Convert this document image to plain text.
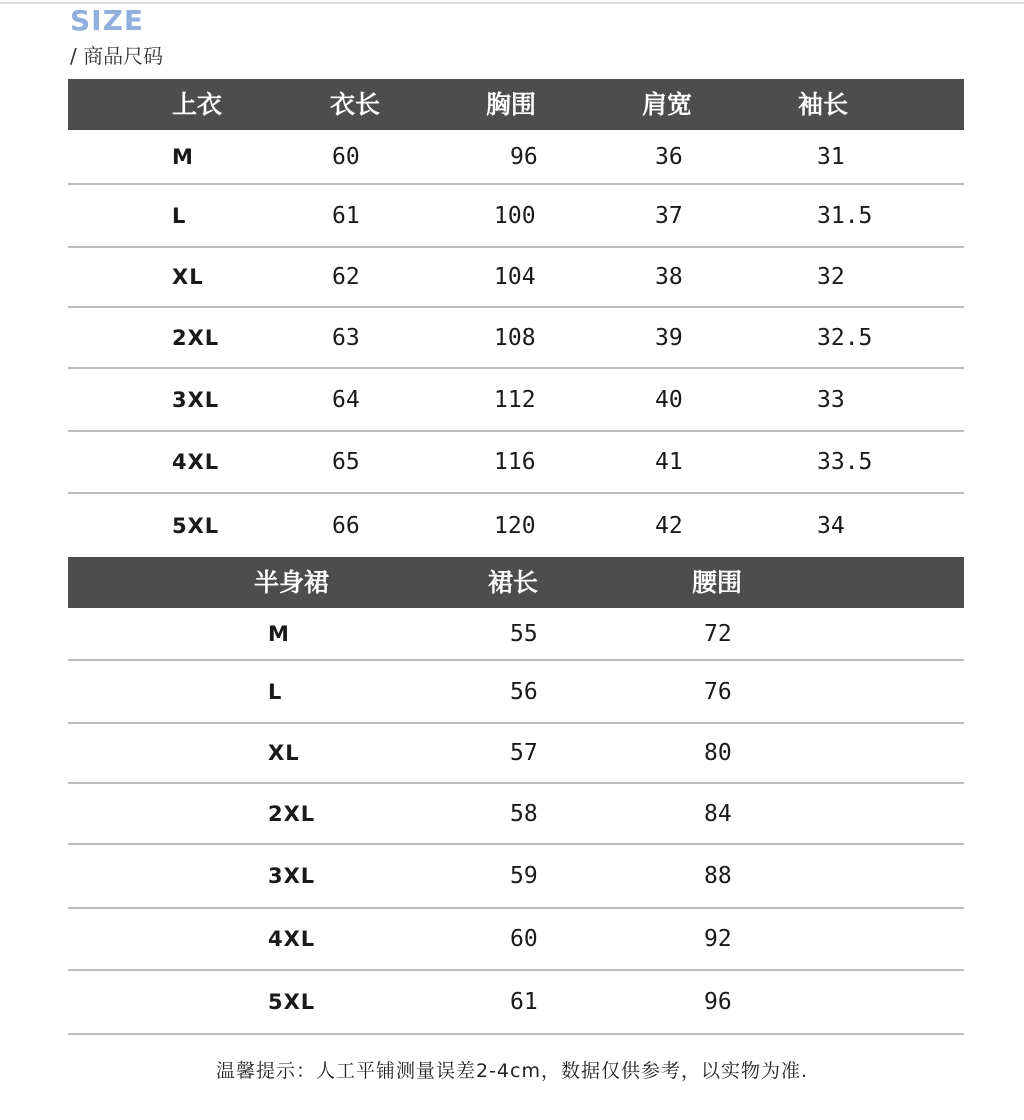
SIZE
/ 商品尺码
上衣	衣长	胸围	肩宽	袖长
M	60	96	36	31
L	61	100	37	31.5
XL	62	104	38	32
2XL	63	108	39	32.5
3XL	64	112	40	33
4XL	65	116	41	33.5
5XL	66	120	42	34
半身裙	裙长	腰围
M	55	72
L	56	76
XL	57	80
2XL	58	84
3XL	59	88
4XL	60	92
5XL	61	96
温馨提示：人工平铺测量误差2-4cm，数据仅供参考，以实物为准.
